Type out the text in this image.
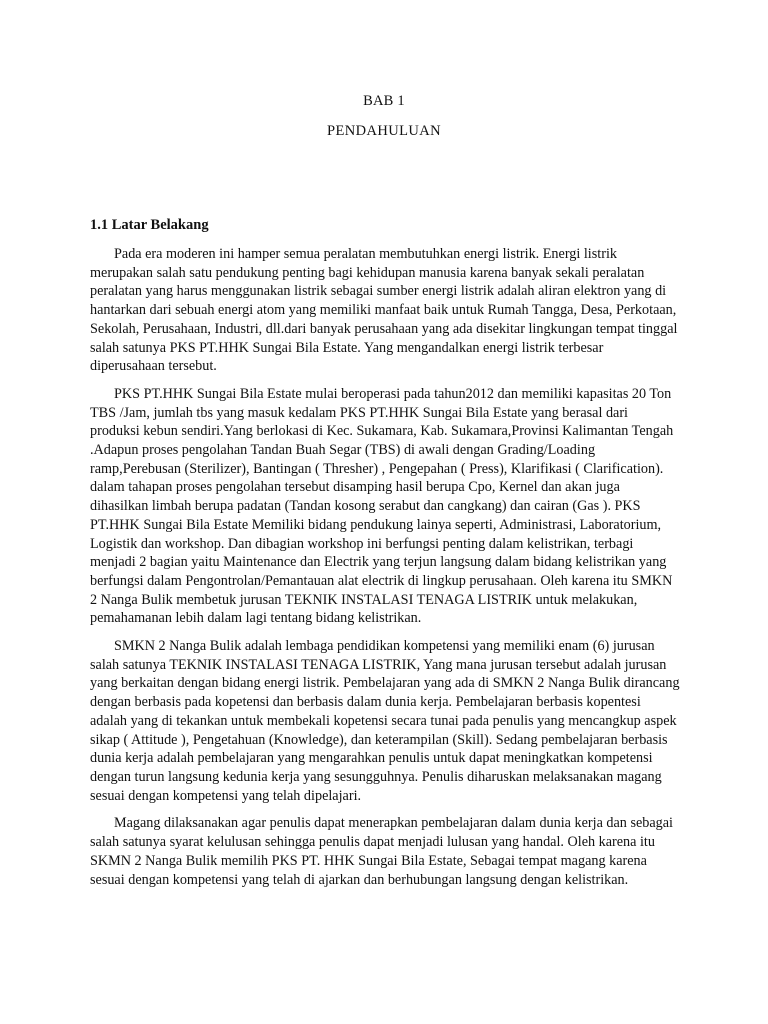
BAB 1

PENDAHULUAN

1.1 Latar Belakang

Pada era moderen ini hamper semua peralatan membutuhkan energi listrik. Energi listrik merupakan salah satu pendukung penting bagi kehidupan manusia karena banyak sekali peralatan peralatan yang harus menggunakan listrik sebagai sumber energi listrik adalah aliran elektron yang di hantarkan dari sebuah energi atom yang memiliki manfaat baik untuk Rumah Tangga, Desa, Perkotaan, Sekolah, Perusahaan, Industri, dll.dari banyak perusahaan yang ada disekitar lingkungan tempat tinggal salah satunya PKS PT.HHK Sungai Bila Estate. Yang mengandalkan energi listrik terbesar diperusahaan tersebut.

PKS PT.HHK Sungai Bila Estate mulai beroperasi pada tahun2012 dan memiliki kapasitas 20 Ton TBS /Jam, jumlah tbs yang masuk kedalam PKS PT.HHK Sungai Bila Estate yang berasal dari produksi kebun sendiri.Yang berlokasi di Kec. Sukamara, Kab. Sukamara,Provinsi Kalimantan Tengah .Adapun proses pengolahan Tandan Buah Segar (TBS) di awali dengan Grading/Loading ramp,Perebusan (Sterilizer), Bantingan ( Thresher) , Pengepahan ( Press), Klarifikasi ( Clarification). dalam tahapan proses pengolahan tersebut disamping hasil berupa Cpo, Kernel dan akan juga dihasilkan limbah berupa padatan (Tandan kosong serabut dan cangkang) dan cairan (Gas ). PKS PT.HHK Sungai Bila Estate Memiliki bidang pendukung lainya seperti, Administrasi, Laboratorium, Logistik dan workshop. Dan dibagian workshop ini berfungsi penting dalam kelistrikan, terbagi menjadi 2 bagian yaitu Maintenance dan Electrik yang terjun langsung dalam bidang kelistrikan yang berfungsi dalam Pengontrolan/Pemantauan alat electrik di lingkup perusahaan. Oleh karena itu SMKN 2 Nanga Bulik membetuk jurusan TEKNIK INSTALASI TENAGA LISTRIK untuk melakukan, pemahamanan lebih dalam lagi tentang bidang kelistrikan.

SMKN 2 Nanga Bulik adalah lembaga pendidikan kompetensi yang memiliki enam (6) jurusan salah satunya TEKNIK INSTALASI TENAGA LISTRIK, Yang mana jurusan tersebut adalah jurusan yang berkaitan dengan bidang energi listrik. Pembelajaran yang ada di SMKN 2 Nanga Bulik dirancang dengan berbasis pada kopetensi dan berbasis dalam dunia kerja. Pembelajaran berbasis kopentesi adalah yang di tekankan untuk membekali kopetensi secara tunai pada penulis yang mencangkup aspek sikap ( Attitude ), Pengetahuan (Knowledge), dan keterampilan (Skill). Sedang pembelajaran berbasis dunia kerja adalah pembelajaran yang mengarahkan penulis untuk dapat meningkatkan kompetensi dengan turun langsung kedunia kerja yang sesungguhnya. Penulis diharuskan melaksanakan magang sesuai dengan kompetensi yang telah dipelajari.

Magang dilaksanakan agar penulis dapat menerapkan pembelajaran dalam dunia kerja dan sebagai salah satunya syarat kelulusan sehingga penulis dapat menjadi lulusan yang handal. Oleh karena itu SKMN 2 Nanga Bulik memilih PKS PT. HHK Sungai Bila Estate, Sebagai tempat magang karena sesuai dengan kompetensi yang telah di ajarkan dan berhubungan langsung dengan kelistrikan.
